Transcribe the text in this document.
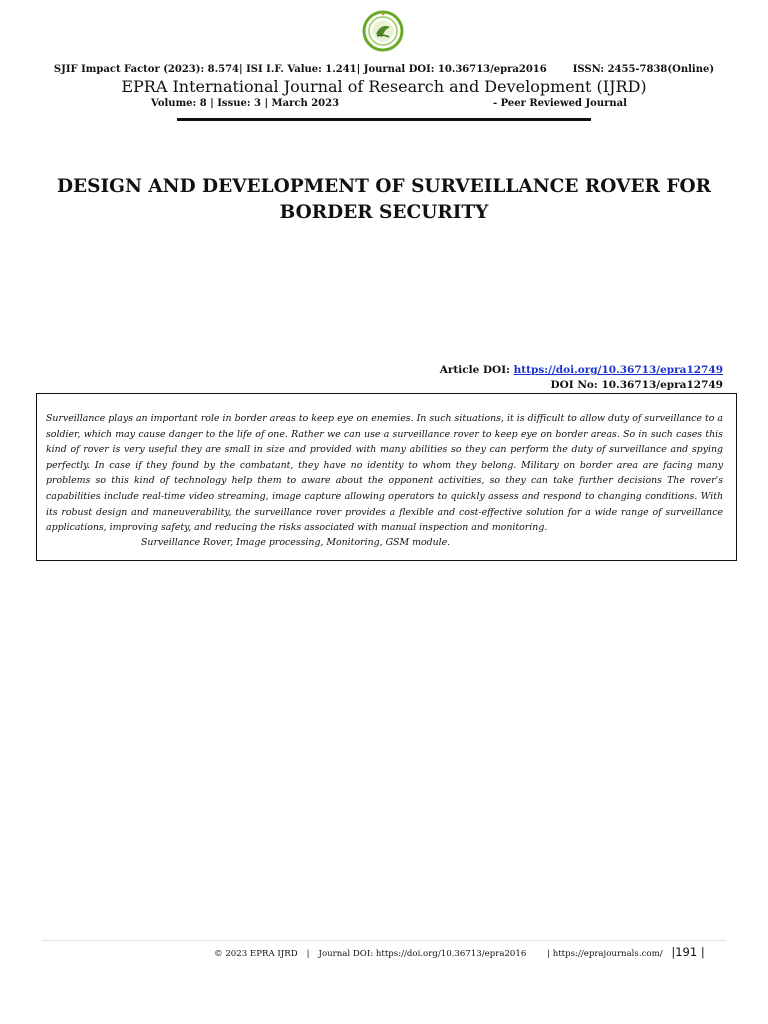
SJIF Impact Factor (2023): 8.574| ISI I.F. Value: 1.241| Journal DOI: 10.36713/epra2016	ISSN: 2455-7838(Online)
EPRA International Journal of Research and Development (IJRD)
Volume: 8 | Issue: 3 | March 2023	- Peer Reviewed Journal
DESIGN AND DEVELOPMENT OF SURVEILLANCE ROVER FOR
BORDER SECURITY
Article DOI: https://doi.org/10.36713/epra12749
DOI No: 10.36713/epra12749
Surveillance plays an important role in border areas to keep eye on enemies. In such situations, it is difficult to allow duty of surveillance to a soldier, which may cause danger to the life of one. Rather we can use a surveillance rover to keep eye on border areas. So in such cases this kind of rover is very useful they are small in size and provided with many abilities so they can perform the duty of surveillance and spying perfectly. In case if they found by the combatant, they have no identity to whom they belong. Military on border area are facing many problems so this kind of technology help them to aware about the opponent activities, so they can take further decisions The rover's capabilities include real-time video streaming, image capture allowing operators to quickly assess and respond to changing conditions. With its robust design and maneuverability, the surveillance rover provides a flexible and cost-effective solution for a wide range of surveillance applications, improving safety, and reducing the risks associated with manual inspection and monitoring.
Surveillance Rover, Image processing, Monitoring, GSM module.
© 2023 EPRA IJRD | Journal DOI: https://doi.org/10.36713/epra2016 | https://eprajournals.com/ |191 |
